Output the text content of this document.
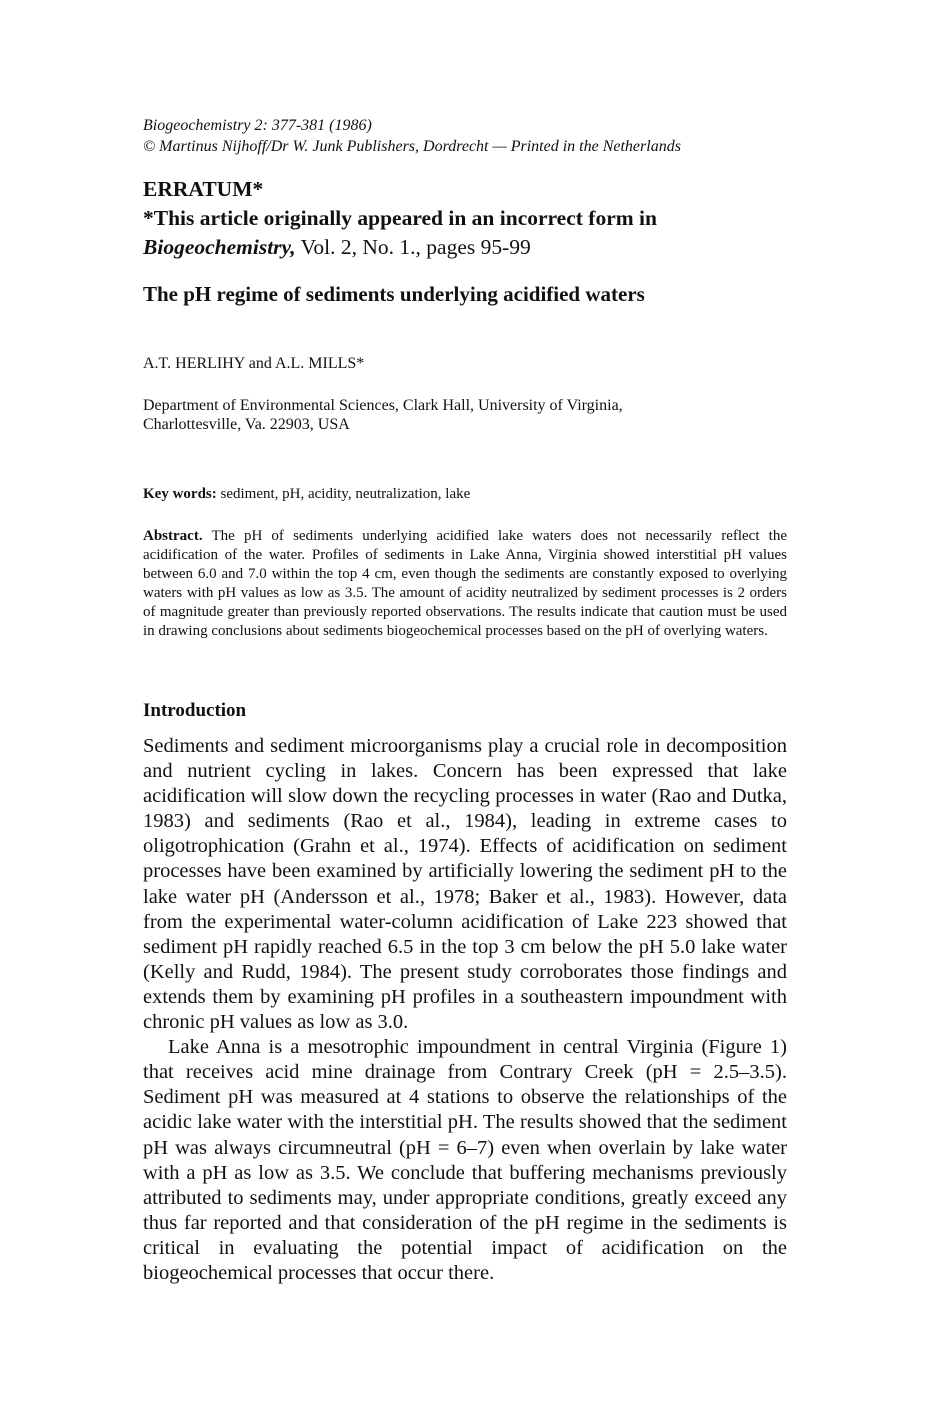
Biogeochemistry 2: 377-381 (1986)
© Martinus Nijhoff/Dr W. Junk Publishers, Dordrecht — Printed in the Netherlands
ERRATUM*
*This article originally appeared in an incorrect form in
Biogeochemistry, Vol. 2, No. 1., pages 95-99
The pH regime of sediments underlying acidified waters
A.T. HERLIHY and A.L. MILLS*
Department of Environmental Sciences, Clark Hall, University of Virginia,
Charlottesville, Va. 22903, USA
Key words: sediment, pH, acidity, neutralization, lake
Abstract. The pH of sediments underlying acidified lake waters does not necessarily reflect the acidification of the water. Profiles of sediments in Lake Anna, Virginia showed interstitial pH values between 6.0 and 7.0 within the top 4 cm, even though the sediments are constantly exposed to overlying waters with pH values as low as 3.5. The amount of acidity neutralized by sediment processes is 2 orders of magnitude greater than previously reported observations. The results indicate that caution must be used in drawing conclusions about sediments biogeochemical processes based on the pH of overlying waters.
Introduction

Sediments and sediment microorganisms play a crucial role in decomposition and nutrient cycling in lakes. Concern has been expressed that lake acidification will slow down the recycling processes in water (Rao and Dutka, 1983) and sediments (Rao et al., 1984), leading in extreme cases to oligotrophication (Grahn et al., 1974). Effects of acidification on sediment processes have been examined by artificially lowering the sediment pH to the lake water pH (Andersson et al., 1978; Baker et al., 1983). However, data from the experimental water-column acidification of Lake 223 showed that sediment pH rapidly reached 6.5 in the top 3 cm below the pH 5.0 lake water (Kelly and Rudd, 1984). The present study corroborates those findings and extends them by examining pH profiles in a southeastern impoundment with chronic pH values as low as 3.0.

Lake Anna is a mesotrophic impoundment in central Virginia (Figure 1) that receives acid mine drainage from Contrary Creek (pH = 2.5–3.5). Sediment pH was measured at 4 stations to observe the relationships of the acidic lake water with the interstitial pH. The results showed that the sediment pH was always circumneutral (pH = 6–7) even when overlain by lake water with a pH as low as 3.5. We conclude that buffering mechanisms previously attributed to sediments may, under appropriate conditions, greatly exceed any thus far reported and that consideration of the pH regime in the sediments is critical in evaluating the potential impact of acidification on the biogeochemical processes that occur there.
